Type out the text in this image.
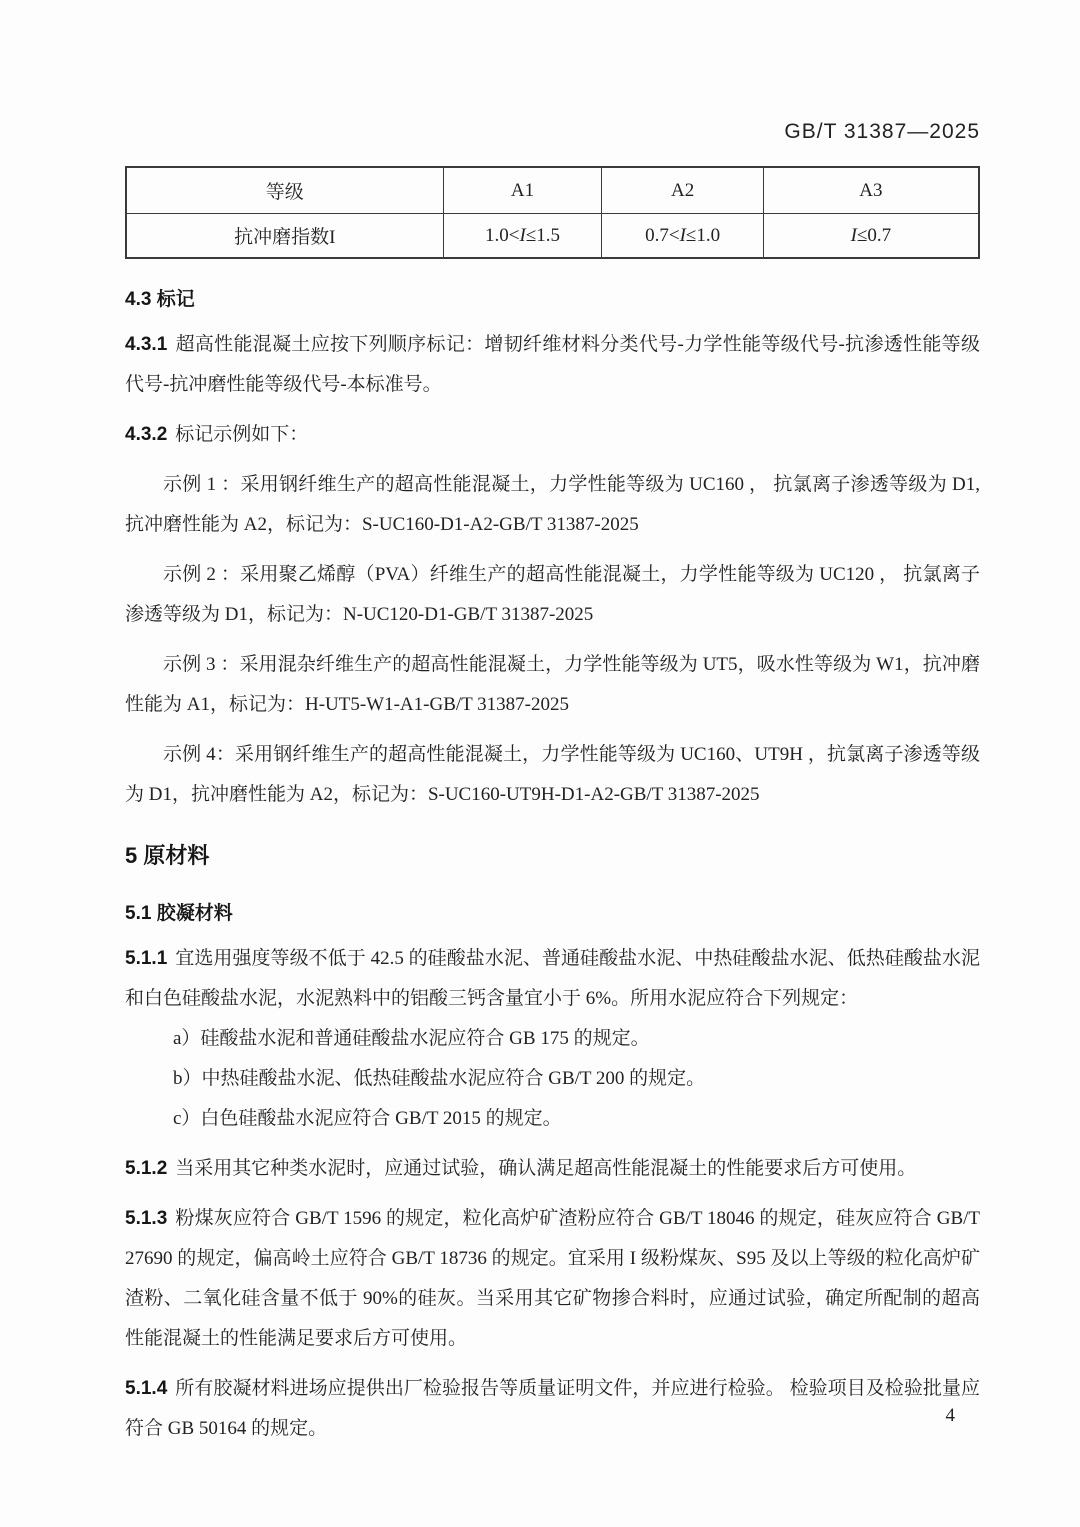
GB/T 31387—2025
等级	A1	A2	A3
抗冲磨指数I	1.0<I≤1.5	0.7<I≤1.0	I≤0.7
4.3 标记

4.3.1 超高性能混凝土应按下列顺序标记：增韧纤维材料分类代号-力学性能等级代号-抗渗透性能等级代号-抗冲磨性能等级代号-本标准号。

4.3.2 标记示例如下：

示例 1 ：采用钢纤维生产的超高性能混凝土，力学性能等级为 UC160 ， 抗氯离子渗透等级为 D1, 抗冲磨性能为 A2，标记为：S-UC160-D1-A2-GB/T 31387-2025

示例 2 ：采用聚乙烯醇（PVA）纤维生产的超高性能混凝土，力学性能等级为 UC120 ， 抗氯离子渗透等级为 D1，标记为：N-UC120-D1-GB/T 31387-2025

示例 3 ：采用混杂纤维生产的超高性能混凝土，力学性能等级为 UT5，吸水性等级为 W1，抗冲磨性能为 A1，标记为：H-UT5-W1-A1-GB/T 31387-2025

示例 4：采用钢纤维生产的超高性能混凝土，力学性能等级为 UC160、UT9H ，抗氯离子渗透等级为 D1，抗冲磨性能为 A2，标记为：S-UC160-UT9H-D1-A2-GB/T 31387-2025

5 原材料
5.1 胶凝材料

5.1.1 宜选用强度等级不低于 42.5 的硅酸盐水泥、普通硅酸盐水泥、中热硅酸盐水泥、低热硅酸盐水泥和白色硅酸盐水泥，水泥熟料中的铝酸三钙含量宜小于 6%。所用水泥应符合下列规定：

a）硅酸盐水泥和普通硅酸盐水泥应符合 GB 175 的规定。
b）中热硅酸盐水泥、低热硅酸盐水泥应符合 GB/T 200 的规定。
c）白色硅酸盐水泥应符合 GB/T 2015 的规定。

5.1.2 当采用其它种类水泥时，应通过试验，确认满足超高性能混凝土的性能要求后方可使用。

5.1.3 粉煤灰应符合 GB/T 1596 的规定，粒化高炉矿渣粉应符合 GB/T 18046 的规定，硅灰应符合 GB/T 27690 的规定，偏高岭土应符合 GB/T 18736 的规定。宜采用 I 级粉煤灰、S95 及以上等级的粒化高炉矿渣粉、二氧化硅含量不低于 90%的硅灰。当采用其它矿物掺合料时，应通过试验，确定所配制的超高性能混凝土的性能满足要求后方可使用。

5.1.4 所有胶凝材料进场应提供出厂检验报告等质量证明文件，并应进行检验。 检验项目及检验批量应符合 GB 50164 的规定。

4
